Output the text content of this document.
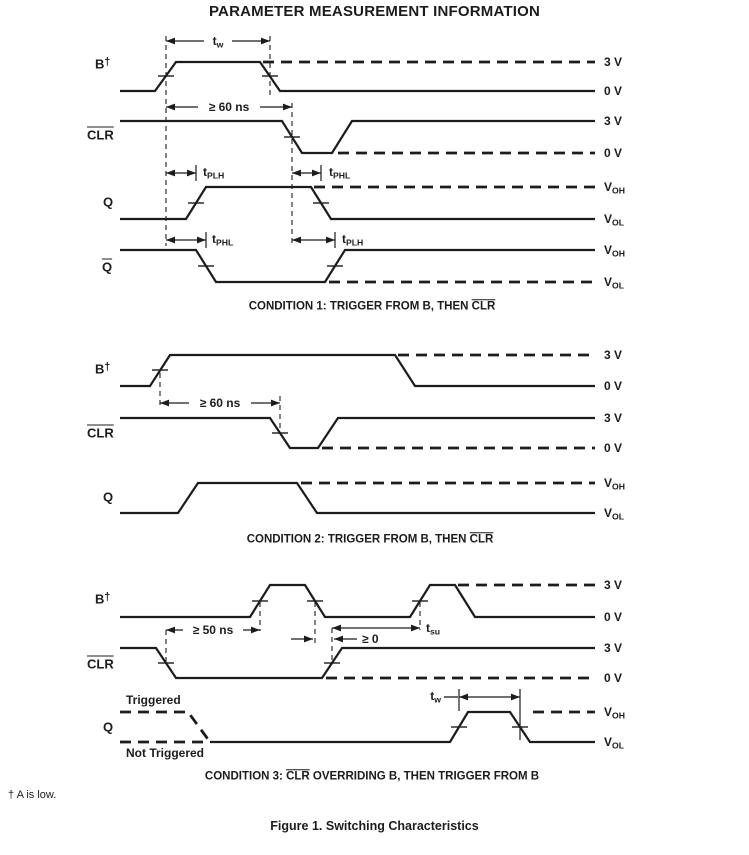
PARAMETER MEASUREMENT INFORMATION
$t_w$
≥ 60 ns
≥ 60 ns
≥ 50 ns
B†
$\overline{CLR}$
Q
$\overline{Q}$
3 V
0 V
3 V
0 V
$V_{OH}$
$V_{OL}$
$V_{OH}$
$V_{OL}$
$t_{PLH}$	$t_{PHL}$
$t_{PHL}$	$t_{PLH}$
CONDITION 1: TRIGGER FROM B, THEN $\overline{CLR}$
B†
$\overline{CLR}$
Q
3 V
0 V
3 V
0 V
$V_{OH}$
$V_{OL}$
CONDITION 2: TRIGGER FROM B, THEN $\overline{CLR}$
B†
$\overline{CLR}$
Q
3 V
0 V
3 V
0 V
$V_{OH}$
$V_{OL}$
$t_{su}$
≥ 0
$t_w$
Triggered
Not Triggered
CONDITION 3: $\overline{CLR}$ OVERRIDING B, THEN TRIGGER FROM B
† A is low.
Figure 1. Switching Characteristics
